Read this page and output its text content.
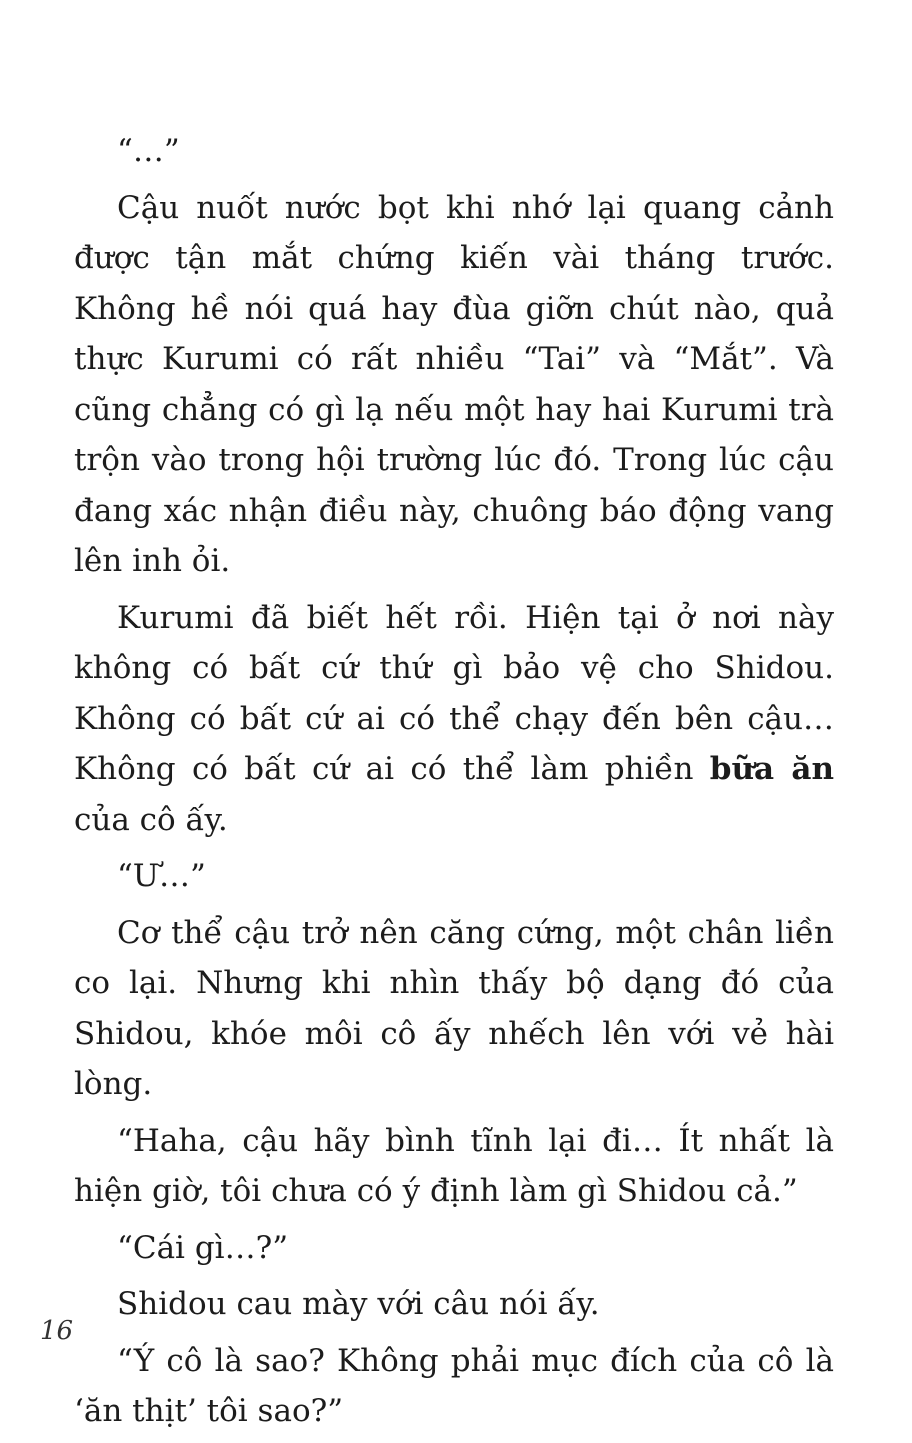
“…”

Cậu nuốt nước bọt khi nhớ lại quang cảnh được tận mắt chứng kiến vài tháng trước. Không hề nói quá hay đùa giỡn chút nào, quả thực Kurumi có rất nhiều “Tai” và “Mắt”. Và cũng chẳng có gì lạ nếu một hay hai Kurumi trà trộn vào trong hội trường lúc đó. Trong lúc cậu đang xác nhận điều này, chuông báo động vang lên inh ỏi.

Kurumi đã biết hết rồi. Hiện tại ở nơi này không có bất cứ thứ gì bảo vệ cho Shidou. Không có bất cứ ai có thể chạy đến bên cậu… Không có bất cứ ai có thể làm phiền bữa ăn của cô ấy.

“Ư…”

Cơ thể cậu trở nên căng cứng, một chân liền co lại. Nhưng khi nhìn thấy bộ dạng đó của Shidou, khóe môi cô ấy nhếch lên với vẻ hài lòng.

“Haha, cậu hãy bình tĩnh lại đi… Ít nhất là hiện giờ, tôi chưa có ý định làm gì Shidou cả.”

“Cái gì…?”

Shidou cau mày với câu nói ấy.

“Ý cô là sao? Không phải mục đích của cô là ‘ăn thịt’ tôi sao?”

16
